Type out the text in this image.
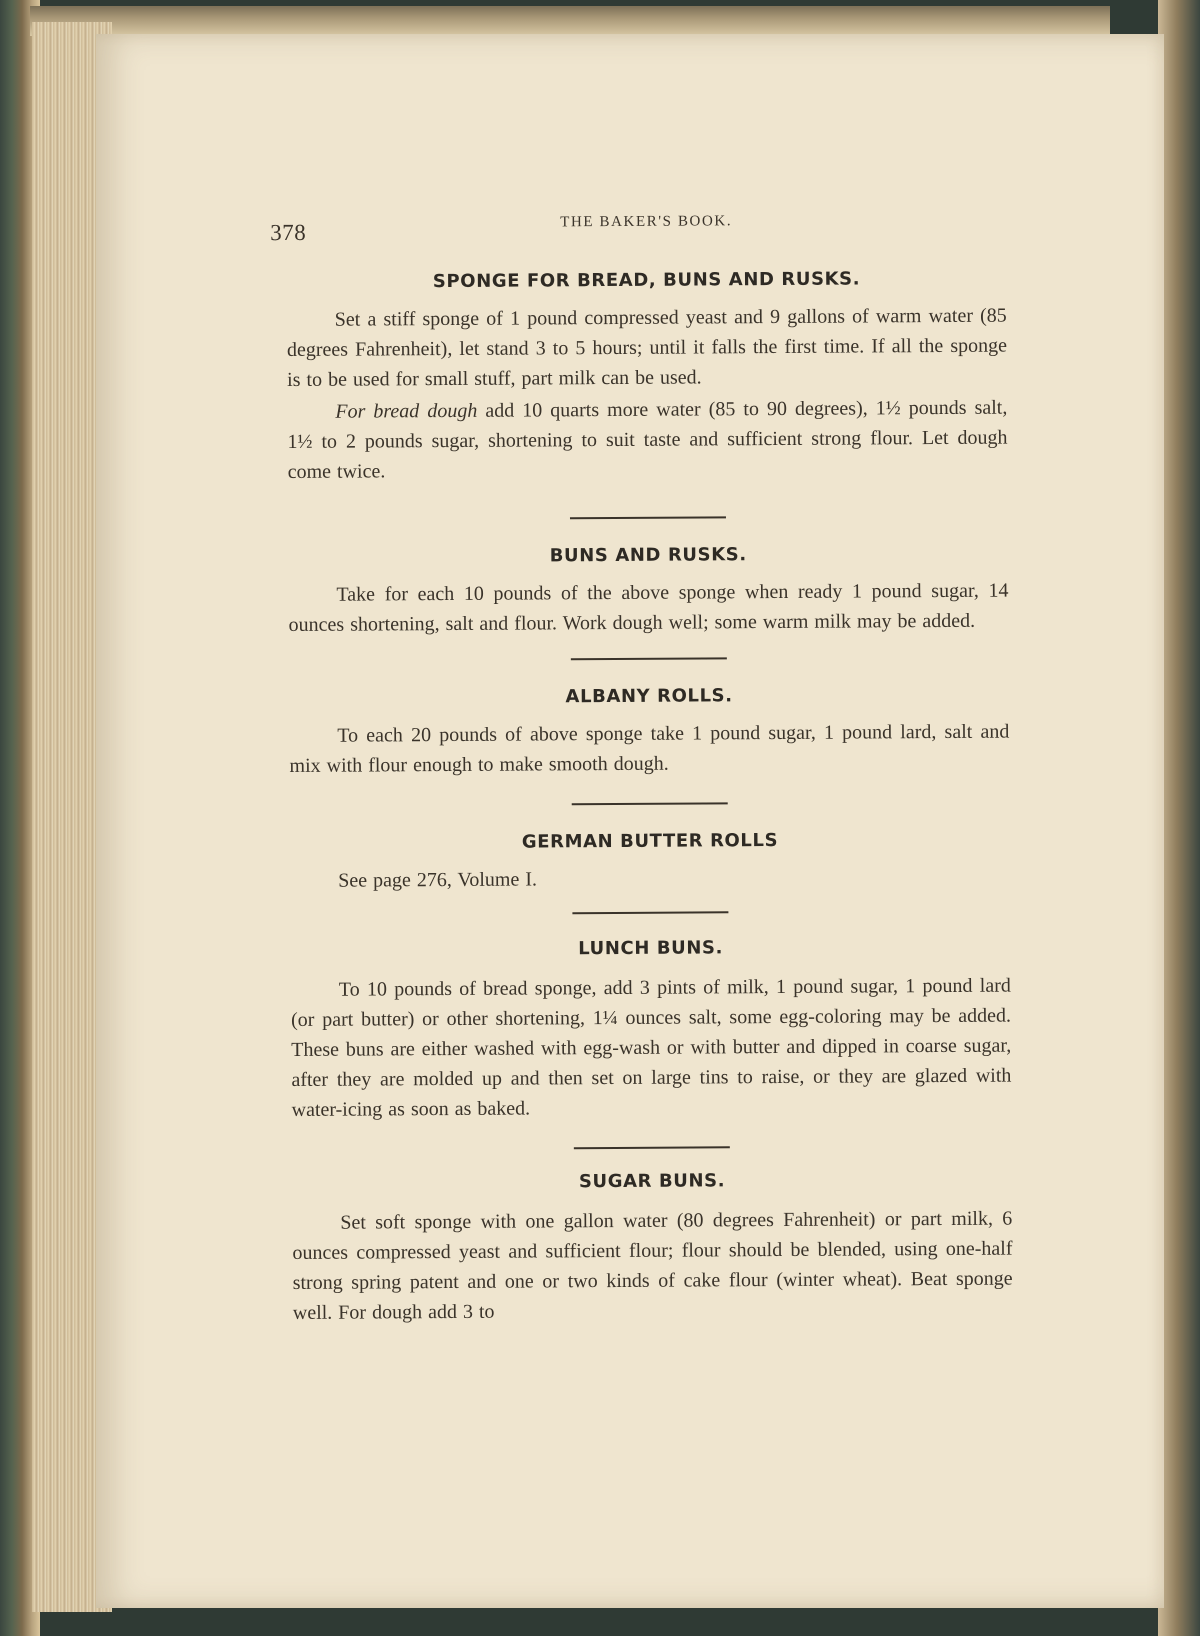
378	THE BAKER'S BOOK.
SPONGE FOR BREAD, BUNS AND RUSKS.

Set a stiff sponge of 1 pound compressed yeast and 9 gallons of warm water (85 degrees Fahrenheit), let stand 3 to 5 hours; until it falls the first time. If all the sponge is to be used for small stuff, part milk can be used.

For bread dough add 10 quarts more water (85 to 90 degrees), 1½ pounds salt, 1½ to 2 pounds sugar, shortening to suit taste and sufficient strong flour. Let dough come twice.

BUNS AND RUSKS.

Take for each 10 pounds of the above sponge when ready 1 pound sugar, 14 ounces shortening, salt and flour. Work dough well; some warm milk may be added.

ALBANY ROLLS.

To each 20 pounds of above sponge take 1 pound sugar, 1 pound lard, salt and mix with flour enough to make smooth dough.

GERMAN BUTTER ROLLS

See page 276, Volume I.

LUNCH BUNS.

To 10 pounds of bread sponge, add 3 pints of milk, 1 pound sugar, 1 pound lard (or part butter) or other shortening, 1¼ ounces salt, some egg-coloring may be added. These buns are either washed with egg-wash or with butter and dipped in coarse sugar, after they are molded up and then set on large tins to raise, or they are glazed with water-icing as soon as baked.

SUGAR BUNS.

Set soft sponge with one gallon water (80 degrees Fahrenheit) or part milk, 6 ounces compressed yeast and sufficient flour; flour should be blended, using one-half strong spring patent and one or two kinds of cake flour (winter wheat). Beat sponge well. For dough add 3 to
